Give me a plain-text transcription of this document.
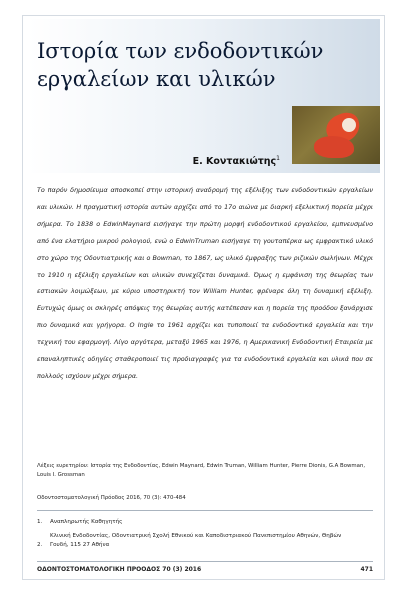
Ιστορία των ενδοδοντικών εργαλείων και υλικών
Ε. Κοντακιώτης$^1$

Το παρόν δημοσίευμα αποσκοπεί στην ιστορική αναδρομή της εξέλιξης των ενδοδοντικών εργαλείων και υλικών. Η πραγματική ιστορία αυτών αρχίζει από το 17ο αιώνα με διαρκή εξελικτική πορεία μέχρι σήμερα. Το 1838 ο EdwinMaynard εισήγαγε την πρώτη μορφή ενδοδοντικού εργαλείου, εμπνευσμένο από ένα ελατήριο μικρού ρολογιού, ενώ ο EdwinTruman εισήγαγε τη γουταπέρκα ως εμφρακτικό υλικό στο χώρο της Οδοντιατρικής και ο Bowman, το 1867, ως υλικό έμφραξης των ριζικών σωλήνων. Μέχρι το 1910 η εξέλιξη εργαλείων και υλικών συνεχίζεται δυναμικά. Όμως η εμφάνιση της θεωρίας των εστιακών λοιμώξεων, με κύριο υποστηρικτή τον William Hunter, φρέναρε όλη τη δυναμική εξέλιξη. Ευτυχώς όμως οι σκληρές απόψεις της θεωρίας αυτής κατέπεσαν και η πορεία της προόδου ξανάρχισε πιο δυναμικά και γρήγορα. Ο Ingle το 1961 αρχίζει και τυποποιεί τα ενδοδοντικά εργαλεία και την τεχνική του εφαρμογή. Λίγο αργότερα, μεταξύ 1965 και 1976, η Αμερικανική Ενδοδοντική Εταιρεία με επαναληπτικές οδηγίες σταθεροποιεί τις προδιαγραφές για τα ενδοδοντικά εργαλεία και υλικά που σε πολλούς ισχύουν μέχρι σήμερα.

Λέξεις ευρετηρίου: Ιστορία της Ενδοδοντίας, Edwin Maynard, Edwin Truman, William Hunter, Pierre Dionis, G.A Bowman, Louis I. Grossman
Οδοντοστοματολογική Πρόοδος 2016, 70 (3): 470-484
1.	Αναπληρωτής Καθηγητής
Κλινική Ενδοδοντίας, Οδοντιατρική Σχολή Εθνικού και Καποδιστριακού Πανεπιστημίου Αθηνών, Θηβών
2.	Γουδή, 115 27 Αθήνα
ΟΔΟΝΤΟΣΤΟΜΑΤΟΛΟΓΙΚΗ ΠΡΟΟΔΟΣ 70 (3) 2016	471
